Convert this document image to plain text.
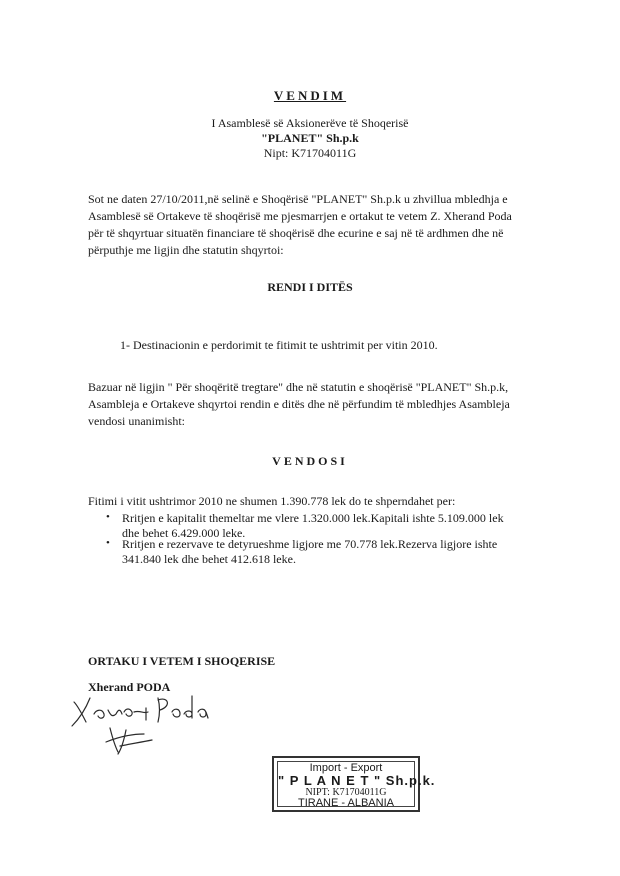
VENDIM
I Asamblesë së Aksionerëve të Shoqerisë
"PLANET" Sh.p.k
Nipt: K71704011G
Sot ne daten 27/10/2011,në selinë e Shoqërisë "PLANET" Sh.p.k u zhvillua mbledhja e
Asamblesë së Ortakeve të shoqërisë me pjesmarrjen e ortakut te vetem Z. Xherand Poda
për të shqyrtuar situatën financiare të shoqërisë dhe ecurine e saj në të ardhmen dhe në
përputhje me ligjin dhe statutin shqyrtoi:
RENDI I DITËS
1- Destinacionin e perdorimit te fitimit te ushtrimit per vitin 2010.
Bazuar në ligjin " Për shoqëritë tregtare" dhe në statutin e shoqërisë "PLANET" Sh.p.k,
Asambleja e Ortakeve shqyrtoi rendin e ditës dhe në përfundim të mbledhjes Asambleja
vendosi unanimisht:
VENDOSI
Fitimi i vitit ushtrimor 2010 ne shumen 1.390.778 lek do te shperndahet per:
• Rritjen e kapitalit themeltar me vlere 1.320.000 lek.Kapitali ishte 5.109.000 lek
dhe behet 6.429.000 leke.
• Rritjen e rezervave te detyrueshme ligjore me 70.778 lek.Rezerva ligjore ishte
341.840 lek dhe behet 412.618 leke.
ORTAKU I VETEM I SHOQERISE
Xherand PODA
Import - Export
" P L A N E T " Sh.p.k.
NIPT: K71704011G
TIRANE - ALBANIA
